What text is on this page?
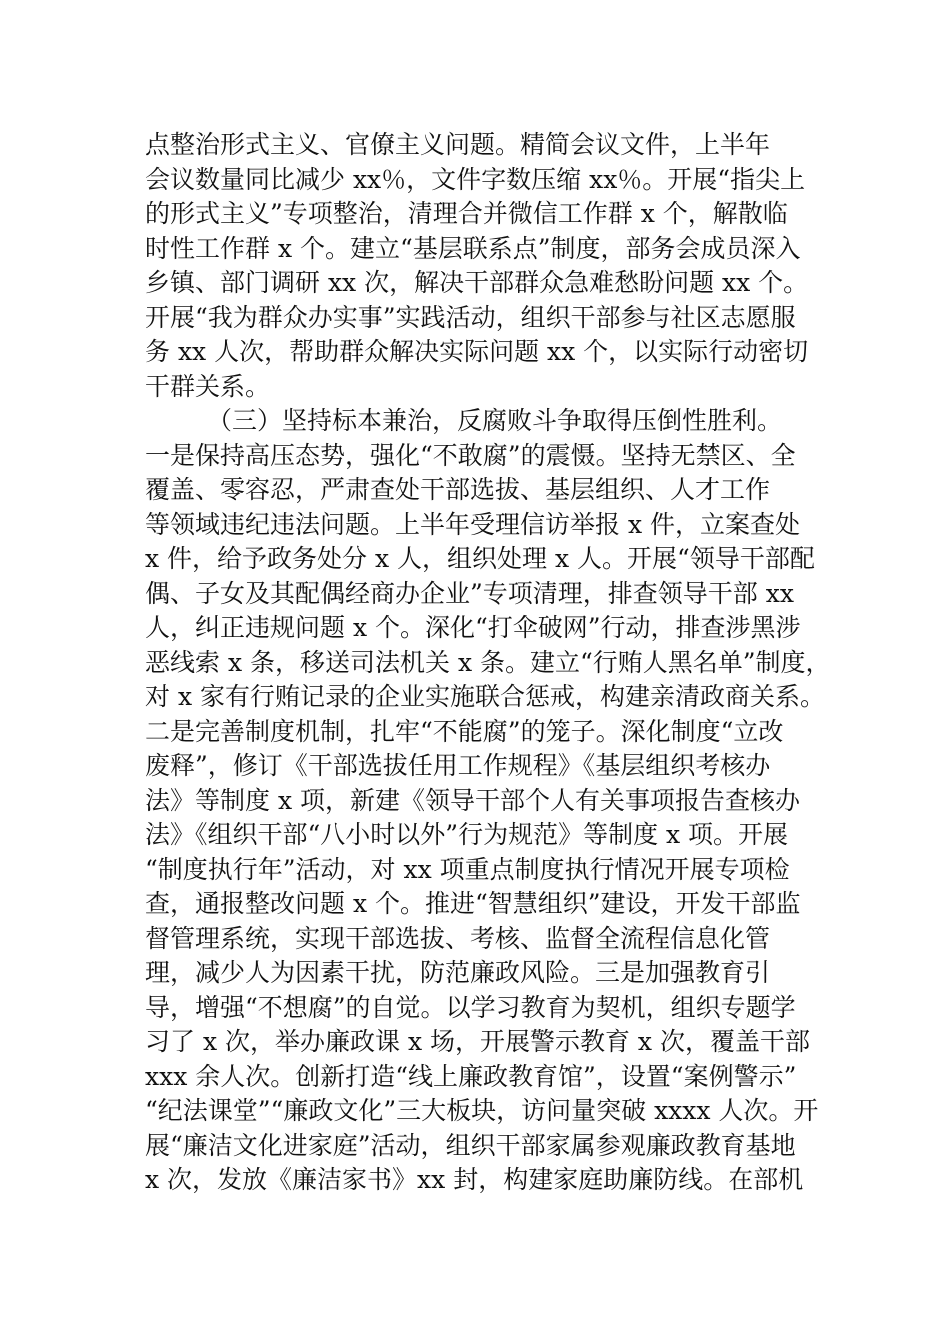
点整治形式主义、官僚主义问题。精简会议文件，上半年
会议数量同比减少 xx％，文件字数压缩 xx％。开展“指尖上
的形式主义”专项整治，清理合并微信工作群 x 个，解散临
时性工作群 x 个。建立“基层联系点”制度，部务会成员深入
乡镇、部门调研 xx 次，解决干部群众急难愁盼问题 xx 个。
开展“我为群众办实事”实践活动，组织干部参与社区志愿服
务 xx 人次，帮助群众解决实际问题 xx 个，以实际行动密切
干群关系。
（三）坚持标本兼治，反腐败斗争取得压倒性胜利。
一是保持高压态势，强化“不敢腐”的震慑。坚持无禁区、全
覆盖、零容忍，严肃查处干部选拔、基层组织、人才工作
等领域违纪违法问题。上半年受理信访举报 x 件，立案查处
x 件，给予政务处分 x 人，组织处理 x 人。开展“领导干部配
偶、子女及其配偶经商办企业”专项清理，排查领导干部 xx
人，纠正违规问题 x 个。深化“打伞破网”行动，排查涉黑涉
恶线索 x 条，移送司法机关 x 条。建立“行贿人黑名单”制度，
对 x 家有行贿记录的企业实施联合惩戒，构建亲清政商关系。
二是完善制度机制，扎牢“不能腐”的笼子。深化制度“立改
废释”，修订《干部选拔任用工作规程》《基层组织考核办
法》等制度 x 项，新建《领导干部个人有关事项报告查核办
法》《组织干部“八小时以外”行为规范》等制度 x 项。开展
“制度执行年”活动，对 xx 项重点制度执行情况开展专项检
查，通报整改问题 x 个。推进“智慧组织”建设，开发干部监
督管理系统，实现干部选拔、考核、监督全流程信息化管
理，减少人为因素干扰，防范廉政风险。三是加强教育引
导，增强“不想腐”的自觉。以学习教育为契机，组织专题学
习了 x 次，举办廉政课 x 场，开展警示教育 x 次，覆盖干部
xxx 余人次。创新打造“线上廉政教育馆”，设置“案例警示”
“纪法课堂”“廉政文化”三大板块，访问量突破 xxxx 人次。开
展“廉洁文化进家庭”活动，组织干部家属参观廉政教育基地
x 次，发放《廉洁家书》xx 封，构建家庭助廉防线。在部机
